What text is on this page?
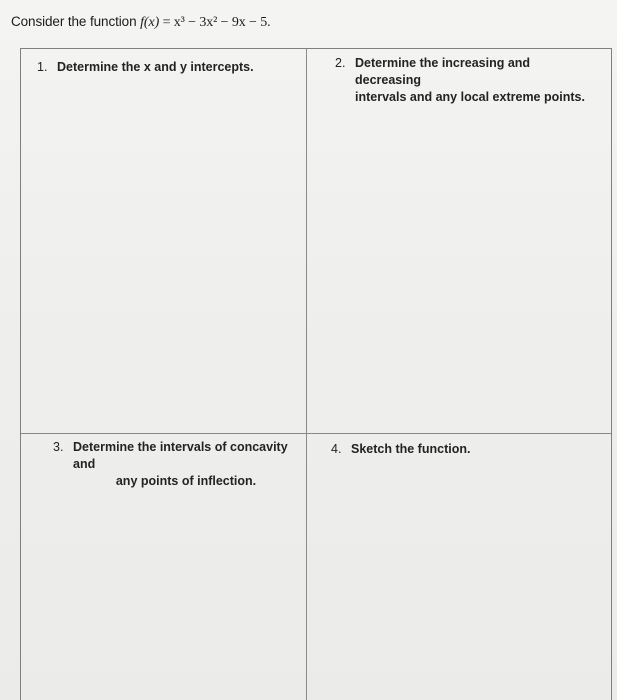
Consider the function f(x) = x³ − 3x² − 9x − 5.
1. Determine the x and y intercepts.	2. Determine the increasing and decreasing
intervals and any local extreme points.
3. Determine the intervals of concavity and

any points of inflection.
4. Sketch the function.
